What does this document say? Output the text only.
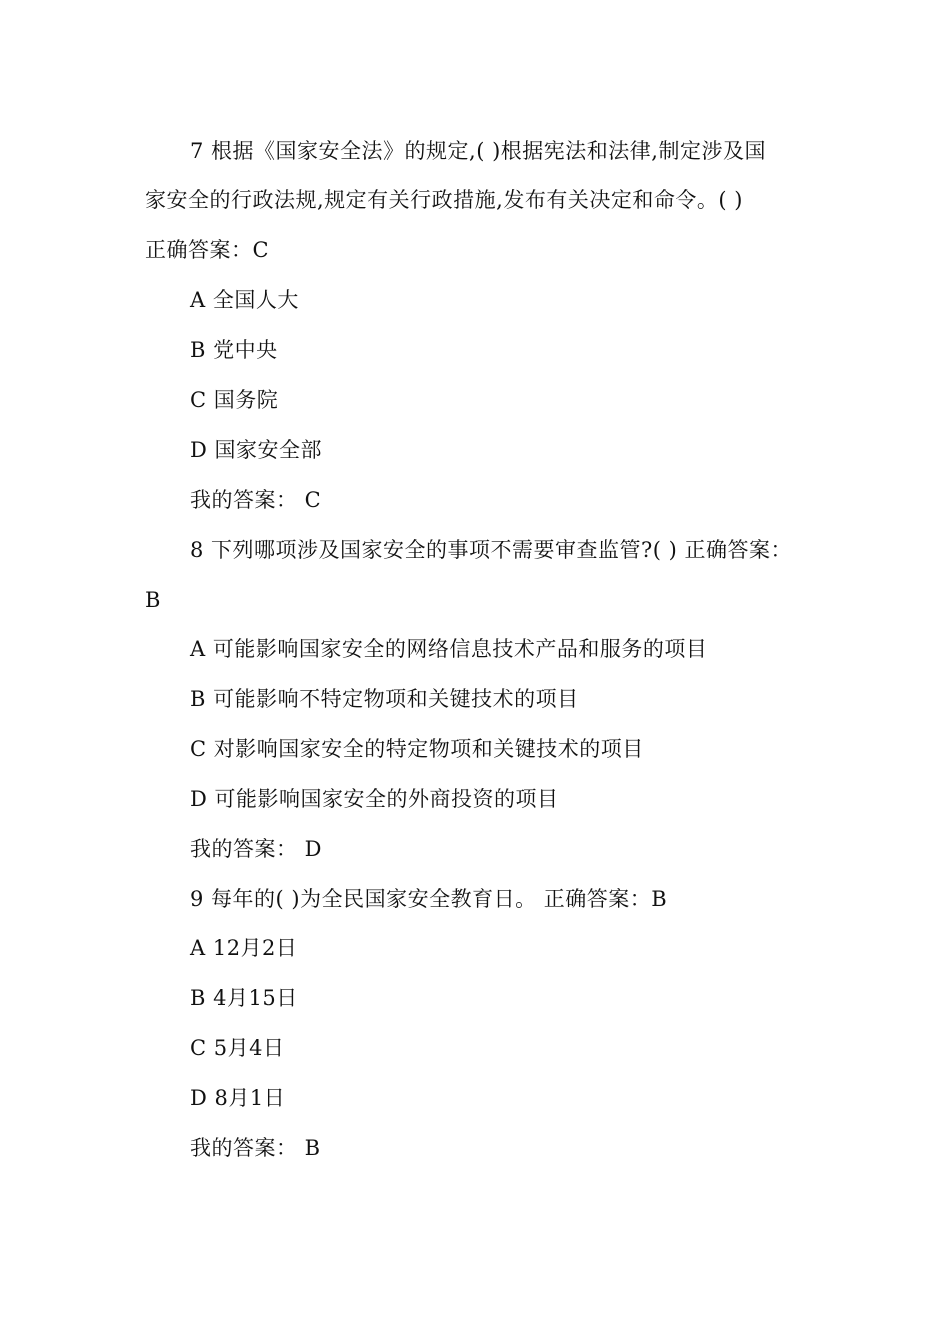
7 根据《国家安全法》的规定,( )根据宪法和法律,制定涉及国
家安全的行政法规,规定有关行政措施,发布有关决定和命令。( )
正确答案：C
A 全国人大
B 党中央
C 国务院
D 国家安全部
我的答案： C
8 下列哪项涉及国家安全的事项不需要审查监管?( ) 正确答案：
B
A 可能影响国家安全的网络信息技术产品和服务的项目
B 可能影响不特定物项和关键技术的项目
C 对影响国家安全的特定物项和关键技术的项目
D 可能影响国家安全的外商投资的项目
我的答案： D
9 每年的( )为全民国家安全教育日。 正确答案：B
A 12月2日
B 4月15日
C 5月4日
D 8月1日
我的答案： B
